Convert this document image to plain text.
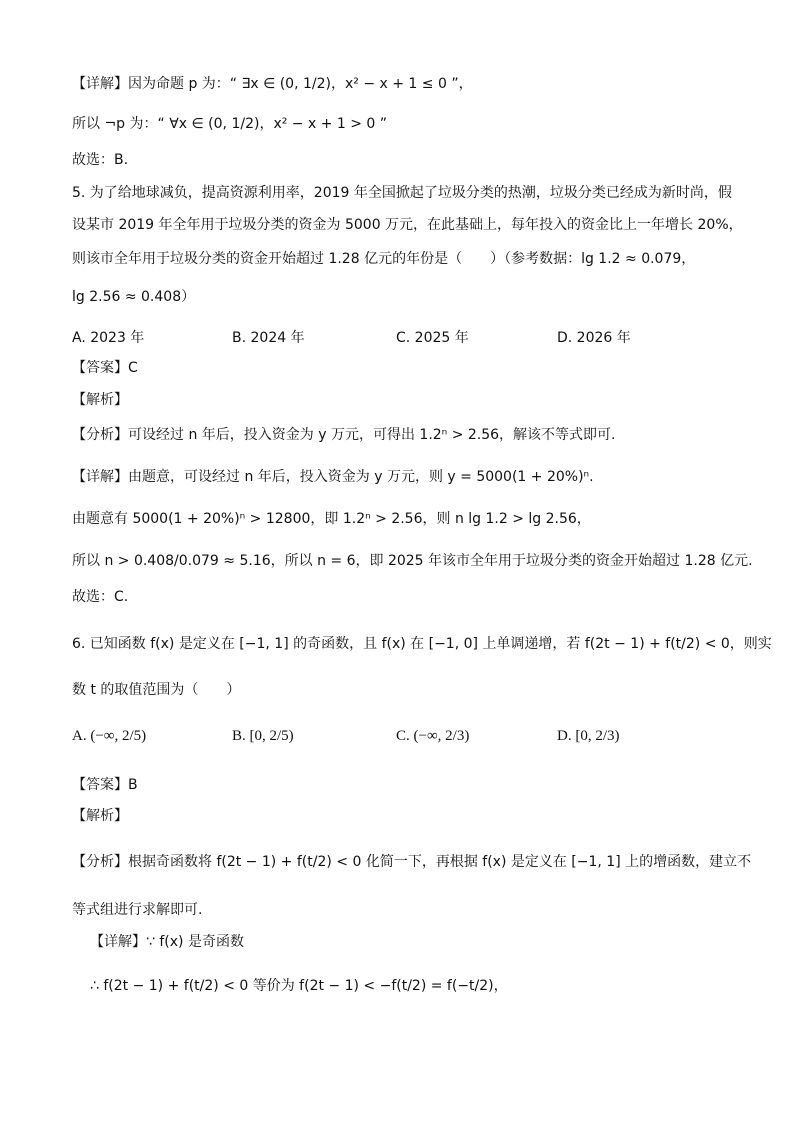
【详解】因为命题 p 为：“ ∃x ∈ (0, 1/2)，x² − x + 1 ≤ 0 ”，
所以 ¬p 为：“ ∀x ∈ (0, 1/2)，x² − x + 1 > 0 ”
故选：B.
5. 为了给地球减负，提高资源利用率，2019 年全国掀起了垃圾分类的热潮，垃圾分类已经成为新时尚，假
设某市 2019 年全年用于垃圾分类的资金为 5000 万元，在此基础上，每年投入的资金比上一年增长 20%，
则该市全年用于垃圾分类的资金开始超过 1.28 亿元的年份是（　　）（参考数据：lg 1.2 ≈ 0.079，
lg 2.56 ≈ 0.408）
A. 2023 年	B. 2024 年	C. 2025 年	D. 2026 年
【答案】C
【解析】
【分析】可设经过 n 年后，投入资金为 y 万元，可得出 1.2ⁿ > 2.56，解该不等式即可.
【详解】由题意，可设经过 n 年后，投入资金为 y 万元，则 y = 5000(1 + 20%)ⁿ.
由题意有 5000(1 + 20%)ⁿ > 12800，即 1.2ⁿ > 2.56，则 n lg 1.2 > lg 2.56，
所以 n > 0.408/0.079 ≈ 5.16，所以 n = 6，即 2025 年该市全年用于垃圾分类的资金开始超过 1.28 亿元.
故选：C.
6. 已知函数 f(x) 是定义在 [−1, 1] 的奇函数，且 f(x) 在 [−1, 0] 上单调递增，若 f(2t − 1) + f(t/2) < 0，则实
数 t 的取值范围为（　　）
A. (−∞, 2/5)	B. [0, 2/5)	C. (−∞, 2/3)	D. [0, 2/3)
【答案】B
【解析】
【分析】根据奇函数将 f(2t − 1) + f(t/2) < 0 化简一下，再根据 f(x) 是定义在 [−1, 1] 上的增函数，建立不
等式组进行求解即可.
【详解】∵ f(x) 是奇函数
∴ f(2t − 1) + f(t/2) < 0 等价为 f(2t − 1) < −f(t/2) = f(−t/2)，
